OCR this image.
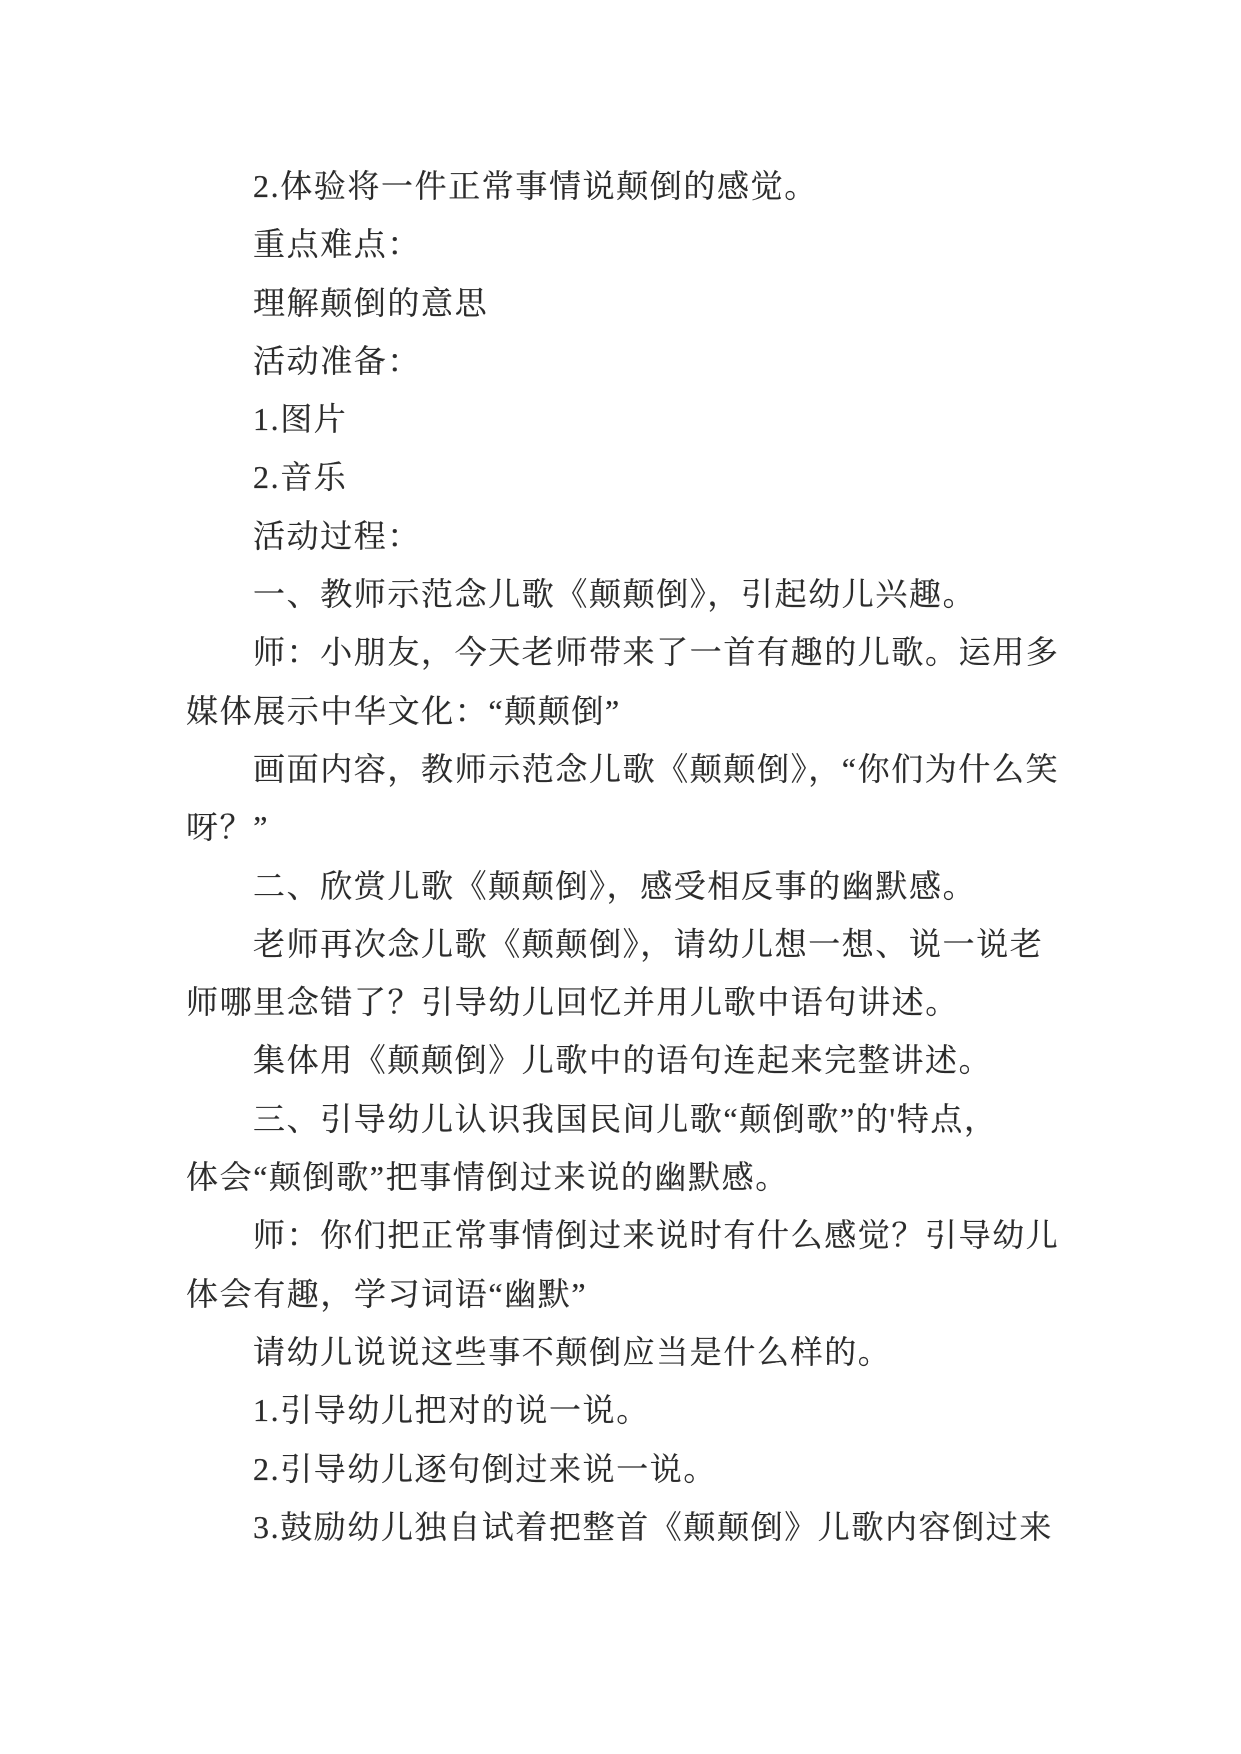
2.体验将一件正常事情说颠倒的感觉。
重点难点：
理解颠倒的意思
活动准备：
1.图片
2.音乐
活动过程：
一、教师示范念儿歌《颠颠倒》，引起幼儿兴趣。
师：小朋友，今天老师带来了一首有趣的儿歌。运用多
媒体展示中华文化：“颠颠倒”
画面内容，教师示范念儿歌《颠颠倒》，“你们为什么笑
呀？”
二、欣赏儿歌《颠颠倒》，感受相反事的幽默感。
老师再次念儿歌《颠颠倒》，请幼儿想一想、说一说老
师哪里念错了？引导幼儿回忆并用儿歌中语句讲述。
集体用《颠颠倒》儿歌中的语句连起来完整讲述。
三、引导幼儿认识我国民间儿歌“颠倒歌”的'特点，
体会“颠倒歌”把事情倒过来说的幽默感。
师：你们把正常事情倒过来说时有什么感觉？引导幼儿
体会有趣，学习词语“幽默”
请幼儿说说这些事不颠倒应当是什么样的。
1.引导幼儿把对的说一说。
2.引导幼儿逐句倒过来说一说。
3.鼓励幼儿独自试着把整首《颠颠倒》儿歌内容倒过来
